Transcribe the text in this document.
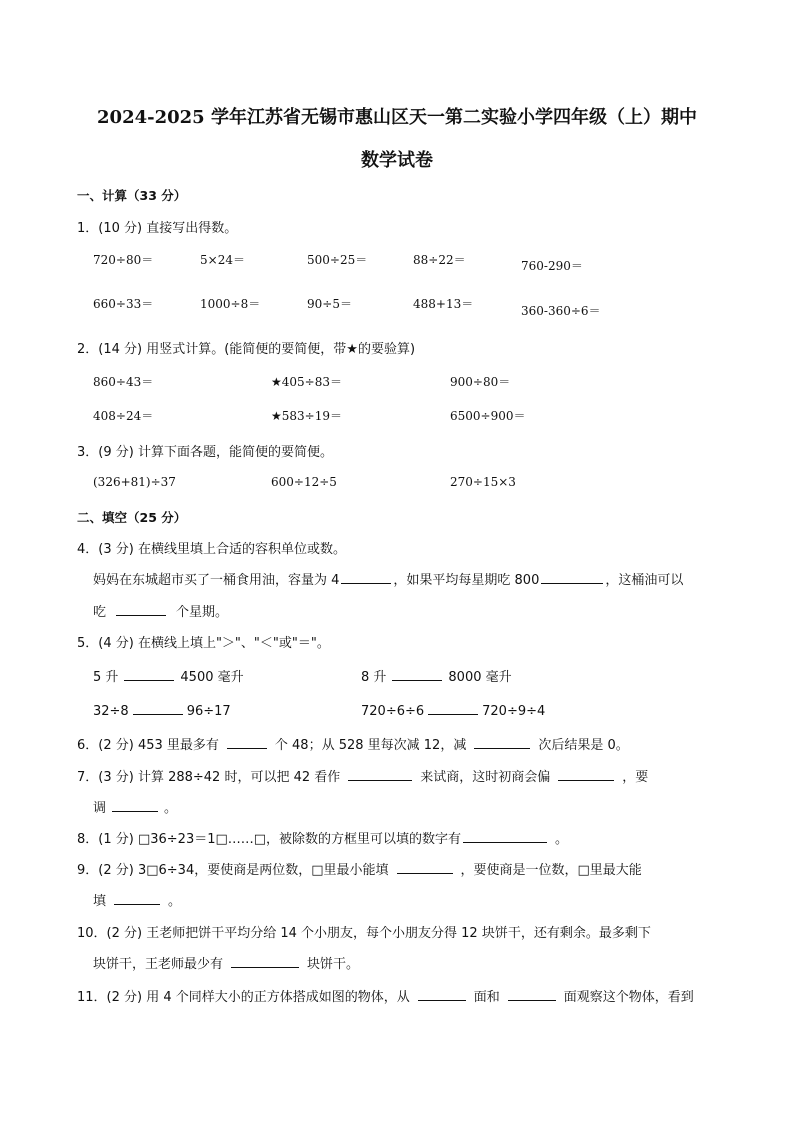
2024-2025 学年江苏省无锡市惠山区天一第二实验小学四年级（上）期中
数学试卷
一、计算（33 分）
1．(10 分) 直接写出得数。
720÷80＝	5×24＝	500÷25＝	88÷22＝	760-290＝
660÷33＝	1000÷8＝	90÷5＝	488+13＝	360-360÷6＝
2．(14 分) 用竖式计算。(能简便的要简便，带★的要验算)
860÷43＝	★405÷83＝	900÷80＝
408÷24＝	★583÷19＝	6500÷900＝
3．(9 分) 计算下面各题，能简便的要简便。
(326+81)÷37	600÷12÷5	270÷15×3
二、填空（25 分）
4．(3 分) 在横线里填上合适的容积单位或数。
妈妈在东城超市买了一桶食用油，容量为 4	，如果平均每星期吃 800	，这桶油可以
吃	个星期。
5．(4 分) 在横线上填上"＞"、"＜"或"＝"。
5 升	4500 毫升	8 升	8000 毫升
32÷8	96÷17	720÷6÷6	720÷9÷4
6．(2 分) 453 里最多有	个 48；从 528 里每次减 12，减	次后结果是 0。
7．(3 分) 计算 288÷42 时，可以把 42 看作	来试商，这时初商会偏	，要
调	。
8．(1 分) □36÷23＝1□……□，被除数的方框里可以填的数字有	。
9．(2 分) 3□6÷34，要使商是两位数，□里最小能填	，要使商是一位数，□里最大能
填	。
10．(2 分) 王老师把饼干平均分给 14 个小朋友，每个小朋友分得 12 块饼干，还有剩余。最多剩下
块饼干，王老师最少有	块饼干。
11．(2 分) 用 4 个同样大小的正方体搭成如图的物体，从	面和	面观察这个物体，看到
